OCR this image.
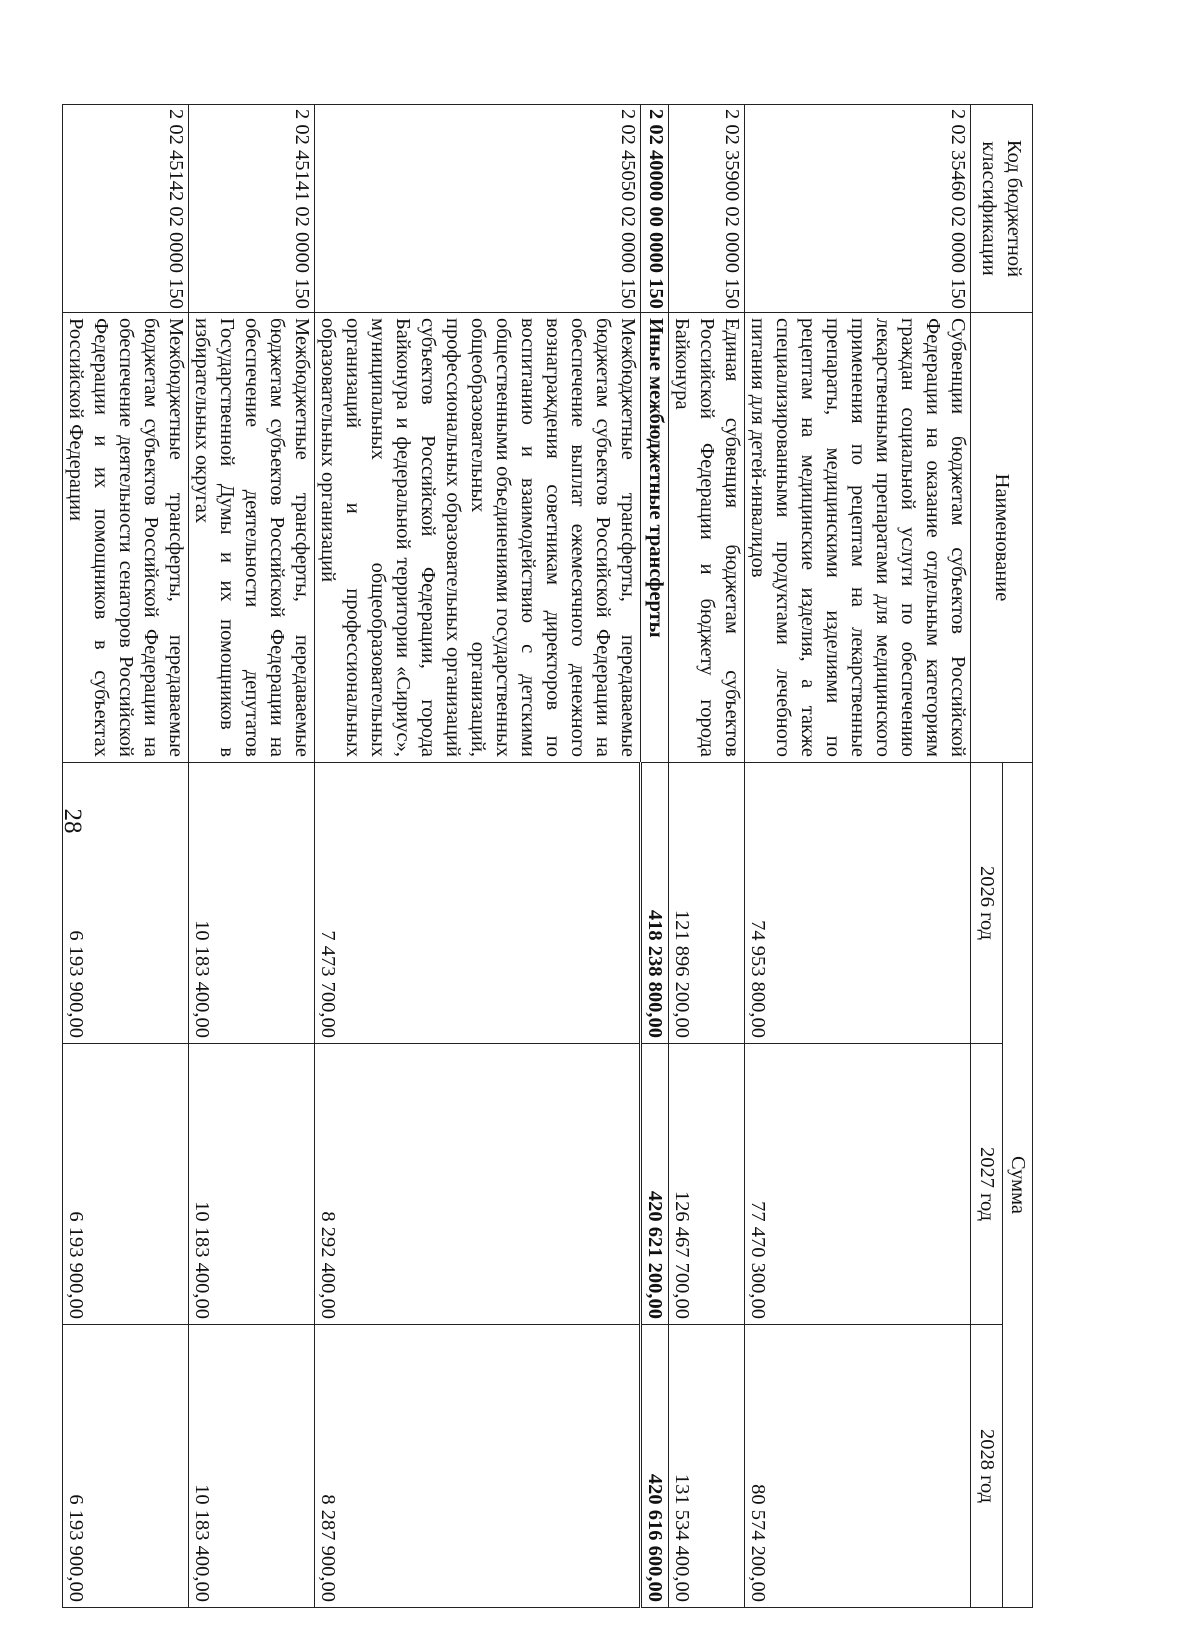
28
Код бюджетной классификации	Наименование	Сумма		
		2026 год	2027 год	2028 год
2 02 35460 02 0000 150	Субвенции бюджетам субъектов Российской Федерации на оказание отдельным категориям граждан социальной услуги по обеспечению лекарственными препаратами для медицинского применения по рецептам на лекарственные препараты, медицинскими изделиями по рецептам на медицинские изделия, а также специализированными продуктами лечебного питания для детей-инвалидов	74 953 800,00	77 470 300,00	80 574 200,00
2 02 35900 02 0000 150	Единая субвенция бюджетам субъектов Российской Федерации и бюджету города Байконура	121 896 200,00	126 467 700,00	131 534 400,00
2 02 40000 00 0000 150	Иные межбюджетные трансферты	418 238 800,00	420 621 200,00	420 616 600,00
2 02 45050 02 0000 150	Межбюджетные трансферты, передаваемые бюджетам субъектов Российской Федерации на обеспечение выплат ежемесячного денежного вознаграждения советникам директоров по воспитанию и взаимодействию с детскими общественными объединениями государственных общеобразовательных организаций, профессиональных образовательных организаций субъектов Российской Федерации, города Байконура и федеральной территории «Сириус», муниципальных общеобразовательных организаций и профессиональных образовательных организаций	7 473 700,00	8 292 400,00	8 287 900,00
2 02 45141 02 0000 150	Межбюджетные трансферты, передаваемые бюджетам субъектов Российской Федерации на обеспечение деятельности депутатов Государственной Думы и их помощников в избирательных округах	10 183 400,00	10 183 400,00	10 183 400,00
2 02 45142 02 0000 150	Межбюджетные трансферты, передаваемые бюджетам субъектов Российской Федерации на обеспечение деятельности сенаторов Российской Федерации и их помощников в субъектах Российской Федерации	6 193 900,00	6 193 900,00	6 193 900,00
